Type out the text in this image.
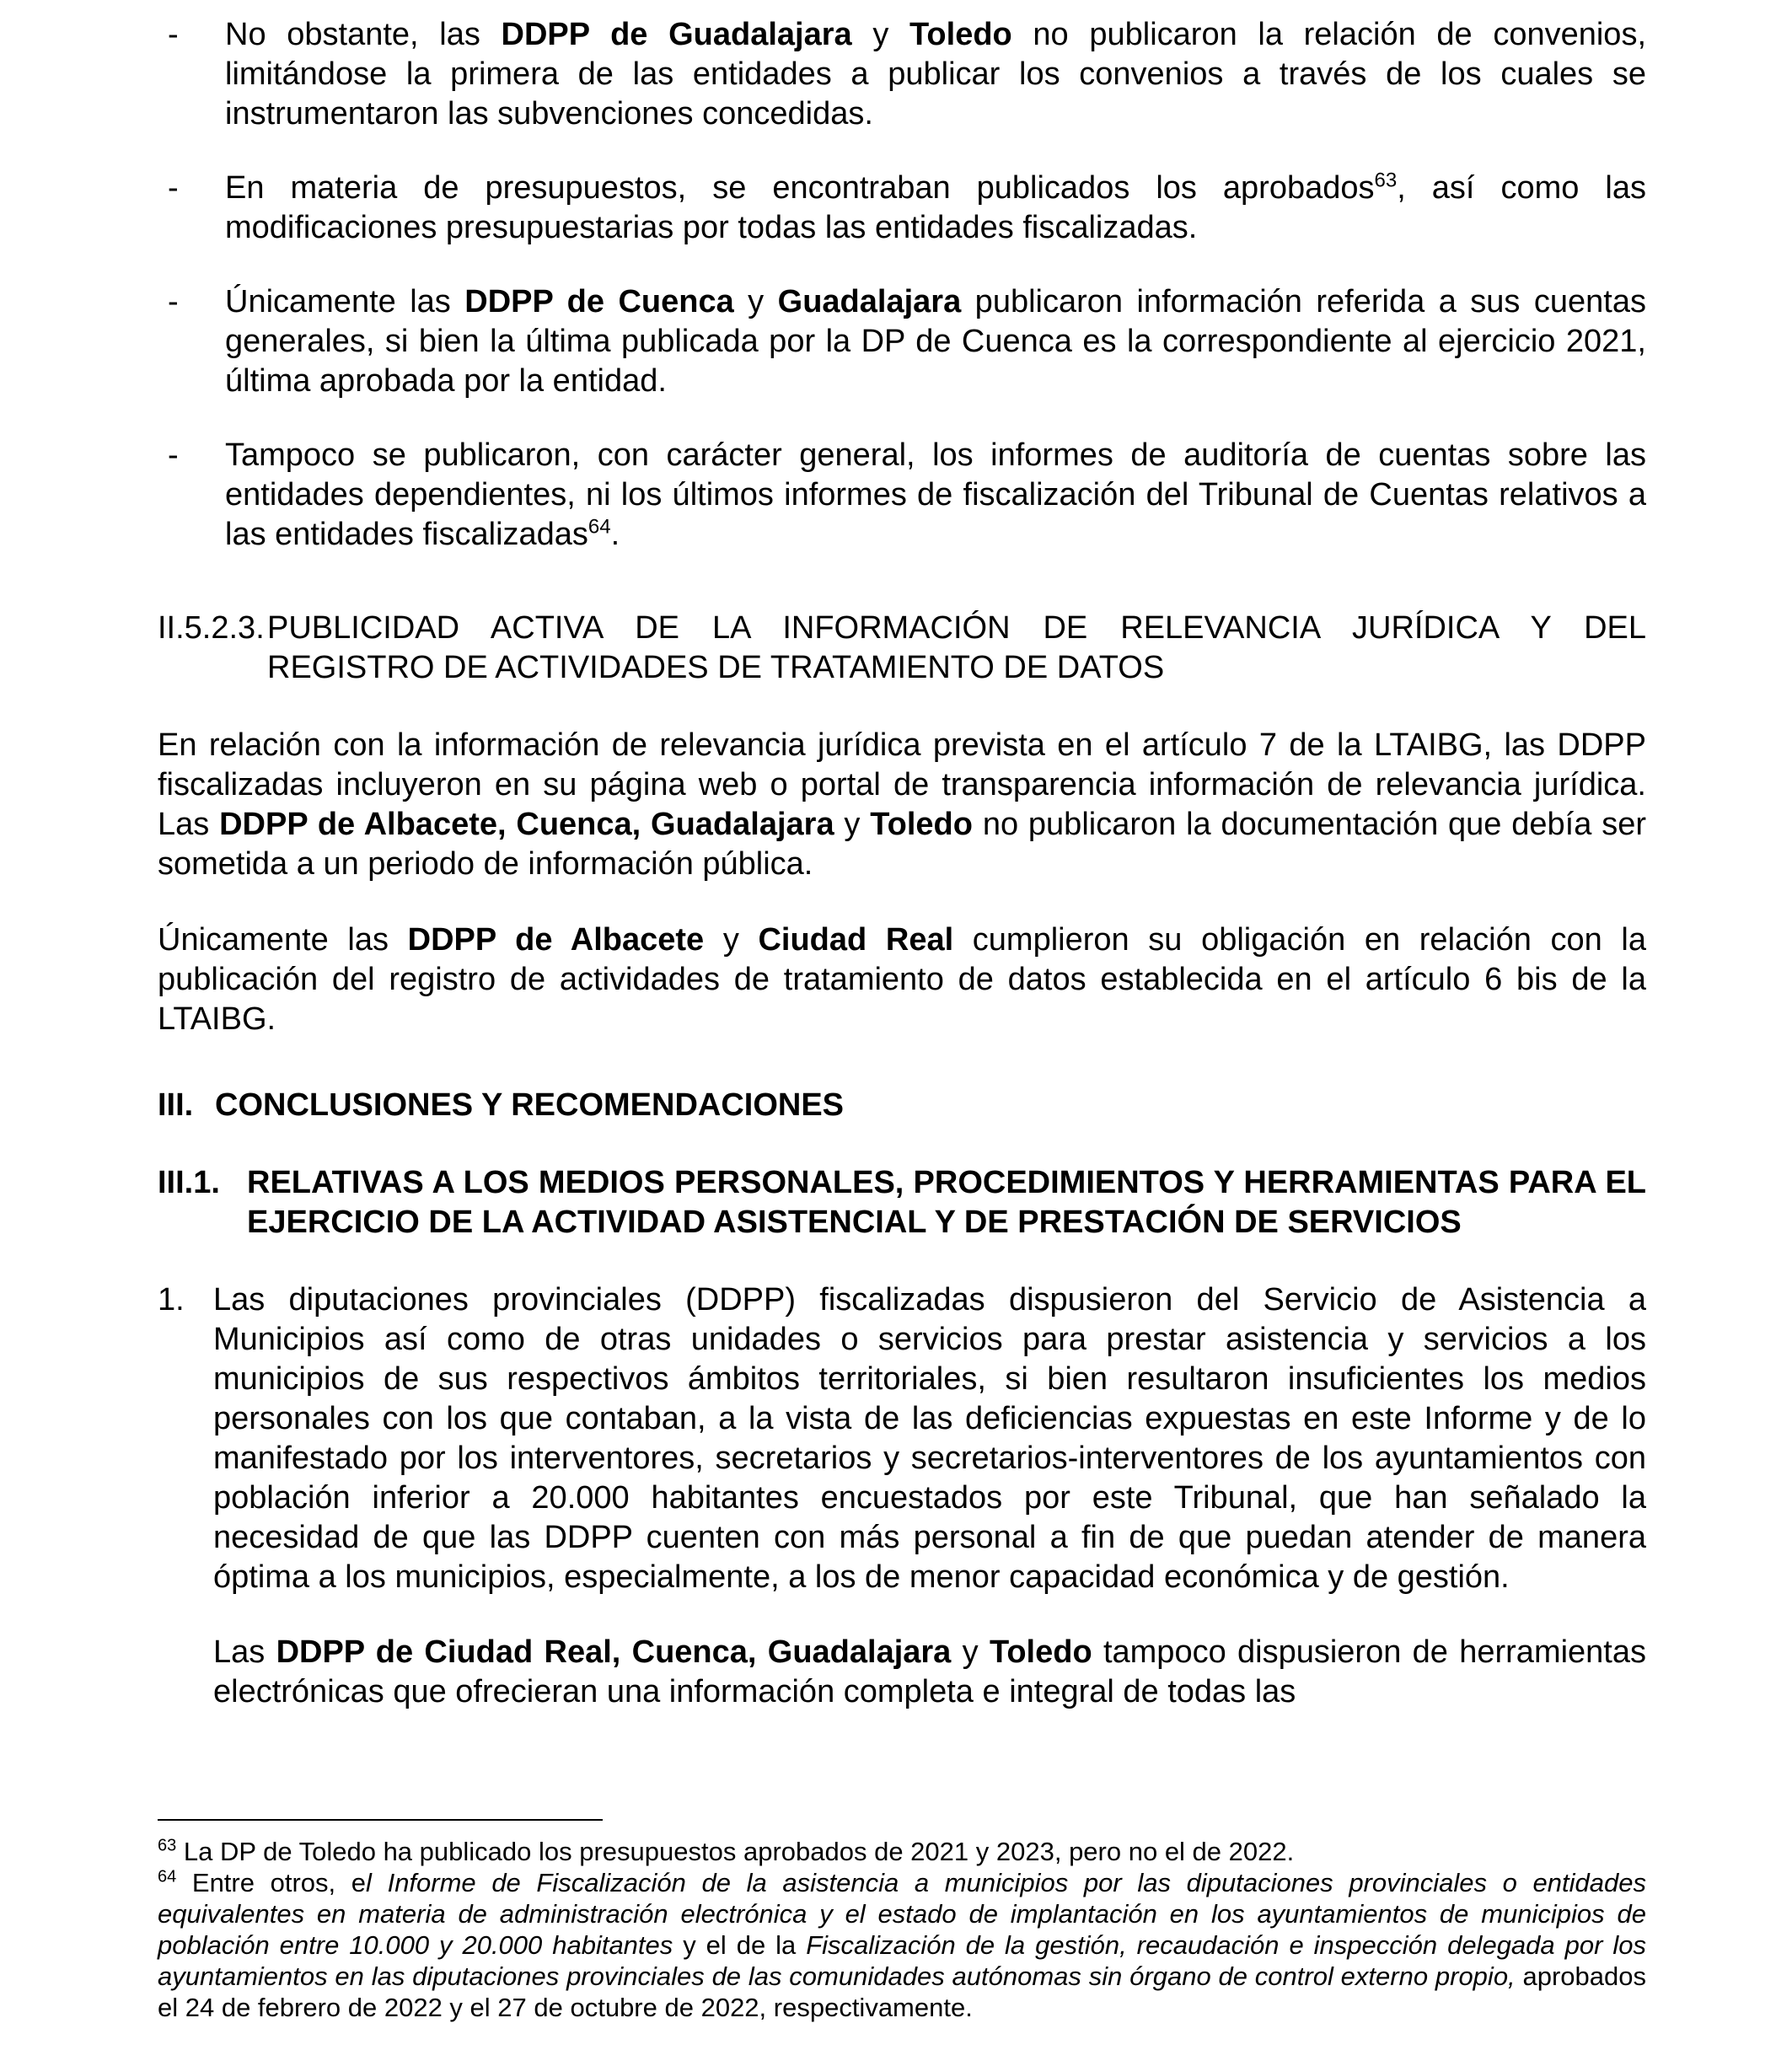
-	No obstante, las DDPP de Guadalajara y Toledo no publicaron la relación de convenios, limitándose la primera de las entidades a publicar los convenios a través de los cuales se instrumentaron las subvenciones concedidas.
-	En materia de presupuestos, se encontraban publicados los aprobados$^{63}$, así como las modificaciones presupuestarias por todas las entidades fiscalizadas.
-	Únicamente las DDPP de Cuenca y Guadalajara publicaron información referida a sus cuentas generales, si bien la última publicada por la DP de Cuenca es la correspondiente al ejercicio 2021, última aprobada por la entidad.
-	Tampoco se publicaron, con carácter general, los informes de auditoría de cuentas sobre las entidades dependientes, ni los últimos informes de fiscalización del Tribunal de Cuentas relativos a las entidades fiscalizadas$^{64}$.
II.5.2.3. PUBLICIDAD ACTIVA DE LA INFORMACIÓN DE RELEVANCIA JURÍDICA Y DEL
REGISTRO DE ACTIVIDADES DE TRATAMIENTO DE DATOS

En relación con la información de relevancia jurídica prevista en el artículo 7 de la LTAIBG, las DDPP fiscalizadas incluyeron en su página web o portal de transparencia información de relevancia jurídica. Las DDPP de Albacete, Cuenca, Guadalajara y Toledo no publicaron la documentación que debía ser sometida a un periodo de información pública.

Únicamente las DDPP de Albacete y Ciudad Real cumplieron su obligación en relación con la publicación del registro de actividades de tratamiento de datos establecida en el artículo 6 bis de la LTAIBG.

III. CONCLUSIONES Y RECOMENDACIONES
III.1. RELATIVAS A LOS MEDIOS PERSONALES, PROCEDIMIENTOS Y HERRAMIENTAS PARA EL EJERCICIO DE LA ACTIVIDAD ASISTENCIAL Y DE PRESTACIÓN DE SERVICIOS
1. Las diputaciones provinciales (DDPP) fiscalizadas dispusieron del Servicio de Asistencia a Municipios así como de otras unidades o servicios para prestar asistencia y servicios a los municipios de sus respectivos ámbitos territoriales, si bien resultaron insuficientes los medios personales con los que contaban, a la vista de las deficiencias expuestas en este Informe y de lo manifestado por los interventores, secretarios y secretarios-interventores de los ayuntamientos con población inferior a 20.000 habitantes encuestados por este Tribunal, que han señalado la necesidad de que las DDPP cuenten con más personal a fin de que puedan atender de manera óptima a los municipios, especialmente, a los de menor capacidad económica y de gestión.

Las DDPP de Ciudad Real, Cuenca, Guadalajara y Toledo tampoco dispusieron de herramientas electrónicas que ofrecieran una información completa e integral de todas las

$^{63}$ La DP de Toledo ha publicado los presupuestos aprobados de 2021 y 2023, pero no el de 2022.

$^{64}$ Entre otros, el Informe de Fiscalización de la asistencia a municipios por las diputaciones provinciales o entidades equivalentes en materia de administración electrónica y el estado de implantación en los ayuntamientos de municipios de población entre 10.000 y 20.000 habitantes y el de la Fiscalización de la gestión, recaudación e inspección delegada por los ayuntamientos en las diputaciones provinciales de las comunidades autónomas sin órgano de control externo propio, aprobados el 24 de febrero de 2022 y el 27 de octubre de 2022, respectivamente.
